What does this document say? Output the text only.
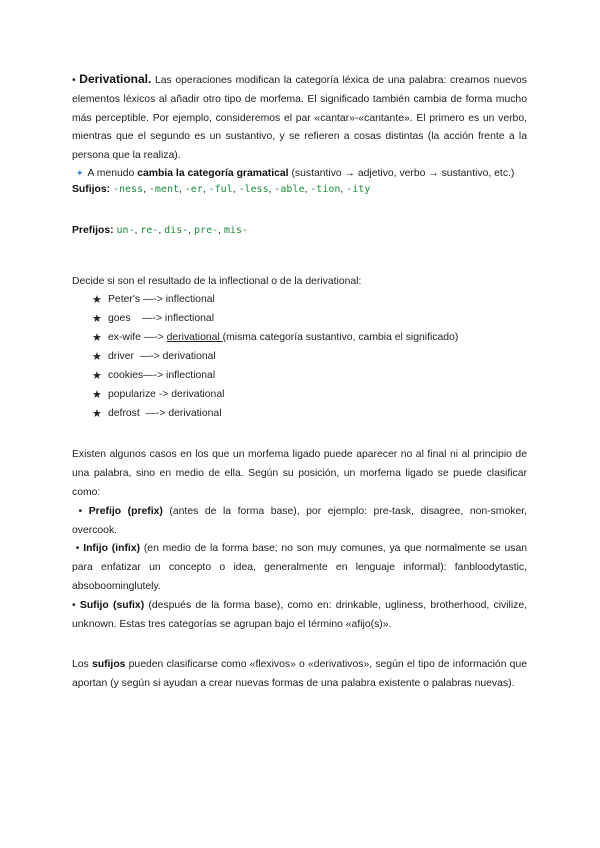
• Derivational. Las operaciones modifican la categoría léxica de una palabra: creamos nuevos elementos léxicos al añadir otro tipo de morfema. El significado también cambia de forma mucho más perceptible. Por ejemplo, consideremos el par «cantar»-«cantante». El primero es un verbo, mientras que el segundo es un sustantivo, y se refieren a cosas distintas (la acción frente a la persona que la realiza).

✦ A menudo cambia la categoría gramatical (sustantivo → adjetivo, verbo → sustantivo, etc.)

Sufijos: -ness, -ment, -er, -ful, -less, -able, -tion, -ity

Prefijos: un-, re-, dis-, pre-, mis-

Decide si son el resultado de la inflectional o de la derivational:

★ Peter's —-> inflectional
★ goes    —-> inflectional
★ ex-wife —-> derivational (misma categoría sustantivo, cambia el significado)
★ driver  —-> derivational
★ cookies—-> inflectional
★ popularize -> derivational
★ defrost  —-> derivational

Existen algunos casos en los que un morfema ligado puede aparecer no al final ni al principio de una palabra, sino en medio de ella. Según su posición, un morfema ligado se puede clasificar como:

• Prefijo (prefix) (antes de la forma base), por ejemplo: pre-task, disagree, non-smoker, overcook.

• Infijo (infix) (en medio de la forma base; no son muy comunes, ya que normalmente se usan para enfatizar un concepto o idea, generalmente en lenguaje informal): fanbloodytastic, absoboominglutely.

• Sufijo (sufix) (después de la forma base), como en: drinkable, ugliness, brotherhood, civilize, unknown. Estas tres categorías se agrupan bajo el término «afijo(s)».

Los sufijos pueden clasificarse como «flexivos» o «derivativos», según el tipo de información que aportan (y según si ayudan a crear nuevas formas de una palabra existente o palabras nuevas).
